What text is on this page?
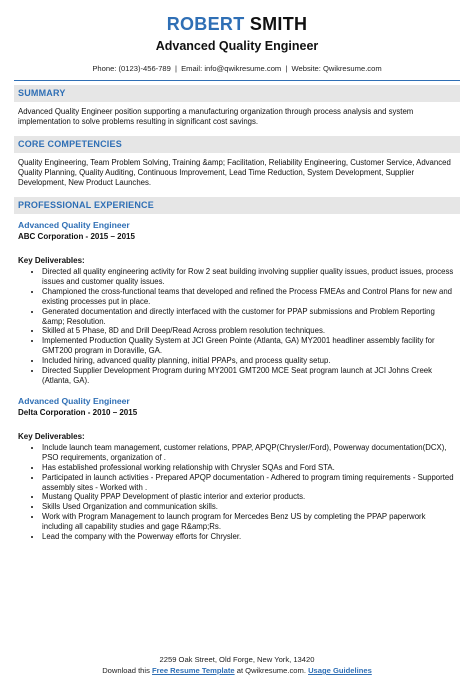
ROBERT SMITH
Advanced Quality Engineer
Phone: (0123)-456-789 | Email: info@qwikresume.com | Website: Qwikresume.com
SUMMARY
Advanced Quality Engineer position supporting a manufacturing organization through process analysis and system implementation to solve problems resulting in significant cost savings.
CORE COMPETENCIES
Quality Engineering, Team Problem Solving, Training &amp; Facilitation, Reliability Engineering, Customer Service, Advanced Quality Planning, Quality Auditing, Continuous Improvement, Lead Time Reduction, System Development, Supplier Development, New Product Launches.
PROFESSIONAL EXPERIENCE
Advanced Quality Engineer
ABC Corporation - 2015 – 2015
Key Deliverables:
• Directed all quality engineering activity for Row 2 seat building involving supplier quality issues, product issues, process issues and customer quality issues.
• Championed the cross-functional teams that developed and refined the Process FMEAs and Control Plans for new and existing processes put in place.
• Generated documentation and directly interfaced with the customer for PPAP submissions and Problem Reporting &amp; Resolution.
• Skilled at 5 Phase, 8D and Drill Deep/Read Across problem resolution techniques.
• Implemented Production Quality System at JCI Green Pointe (Atlanta, GA) MY2001 headliner assembly facility for GMT200 program in Doraville, GA.
• Included hiring, advanced quality planning, initial PPAPs, and process quality setup.
• Directed Supplier Development Program during MY2001 GMT200 MCE Seat program launch at JCI Johns Creek (Atlanta, GA).
Advanced Quality Engineer
Delta Corporation - 2010 – 2015
Key Deliverables:
• Include launch team management, customer relations, PPAP, APQP(Chrysler/Ford), Powerway documentation(DCX), PSO requirements, organization of .
• Has established professional working relationship with Chrysler SQAs and Ford STA.
• Participated in launch activities - Prepared APQP documentation - Adhered to program timing requirements - Supported assembly sites - Worked with .
• Mustang Quality PPAP Development of plastic interior and exterior products.
• Skills Used Organization and communication skills.
• Work with Program Management to launch program for Mercedes Benz US by completing the PPAP paperwork including all capability studies and gage R&amp;Rs.
• Lead the company with the Powerway efforts for Chrysler.
2259 Oak Street, Old Forge, New York, 13420
Download this Free Resume Template at Qwikresume.com. Usage Guidelines
